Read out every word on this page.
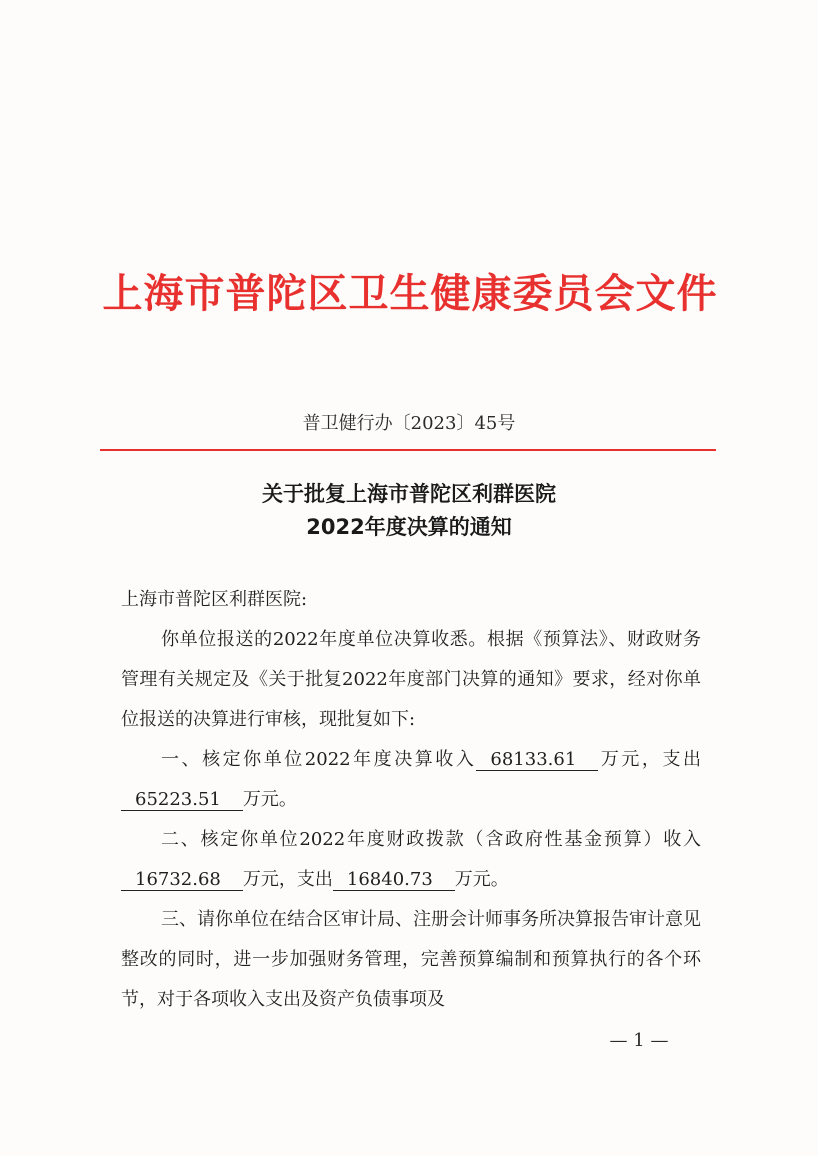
上海市普陀区卫生健康委员会文件
普卫健行办〔2023〕45号
关于批复上海市普陀区利群医院
2022年度决算的通知

上海市普陀区利群医院:

你单位报送的2022年度单位决算收悉。根据《预算法》、财政财务管理有关规定及《关于批复2022年度部门决算的通知》要求，经对你单位报送的决算进行审核，现批复如下:

一、核定你单位2022年度决算收入 68133.61 万元，支出65223.51 万元。

二、核定你单位2022年度财政拨款（含政府性基金预算）收入16732.68 万元，支出 16840.73 万元。

三、请你单位在结合区审计局、注册会计师事务所决算报告审计意见整改的同时，进一步加强财务管理，完善预算编制和预算执行的各个环节，对于各项收入支出及资产负债事项及

— 1 —
